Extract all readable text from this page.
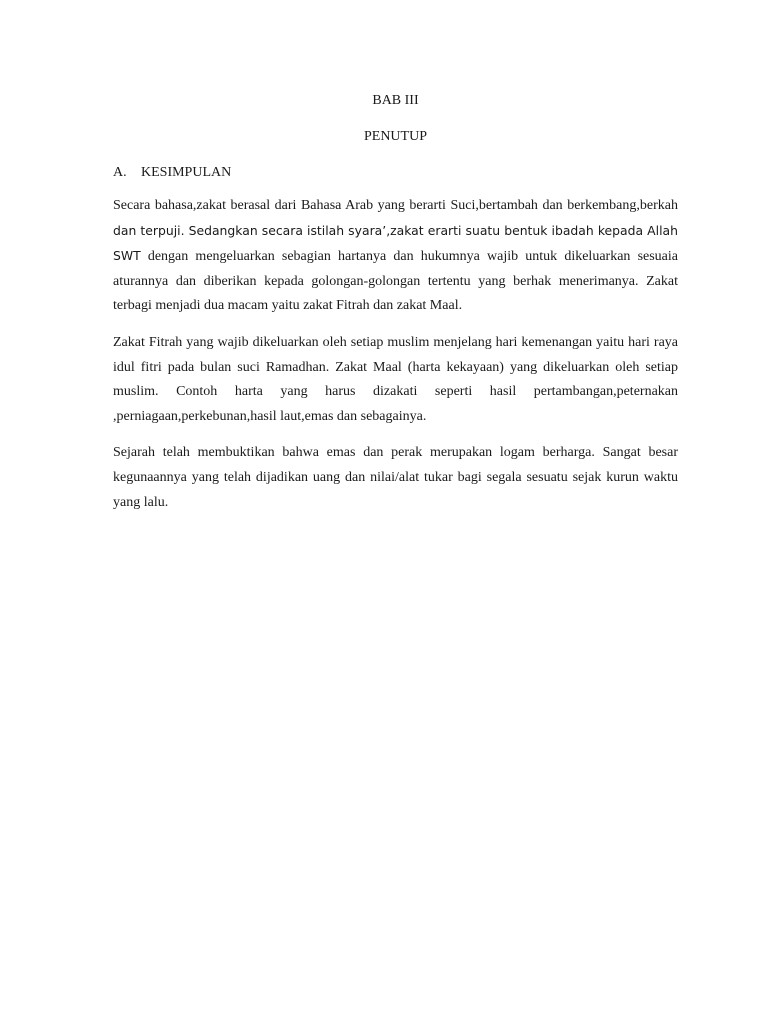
BAB III
PENUTUP
A. KESIMPULAN

Secara bahasa,zakat berasal dari Bahasa Arab yang berarti Suci,bertambah dan berkembang,berkah dan terpuji. Sedangkan secara istilah syara’,zakat erarti suatu bentuk ibadah kepada Allah SWT dengan mengeluarkan sebagian hartanya dan hukumnya wajib untuk dikeluarkan sesuaia aturannya dan diberikan kepada golongan-golongan tertentu yang berhak menerimanya. Zakat terbagi menjadi dua macam yaitu zakat Fitrah dan zakat Maal.

Zakat Fitrah yang wajib dikeluarkan oleh setiap muslim menjelang hari kemenangan yaitu hari raya idul fitri pada bulan suci Ramadhan. Zakat Maal (harta kekayaan) yang dikeluarkan oleh setiap muslim. Contoh harta yang harus dizakati seperti hasil pertambangan,peternakan ,perniagaan,perkebunan,hasil laut,emas dan sebagainya.

Sejarah telah membuktikan bahwa emas dan perak merupakan logam berharga. Sangat besar kegunaannya yang telah dijadikan uang dan nilai/alat tukar bagi segala sesuatu sejak kurun waktu yang lalu.
